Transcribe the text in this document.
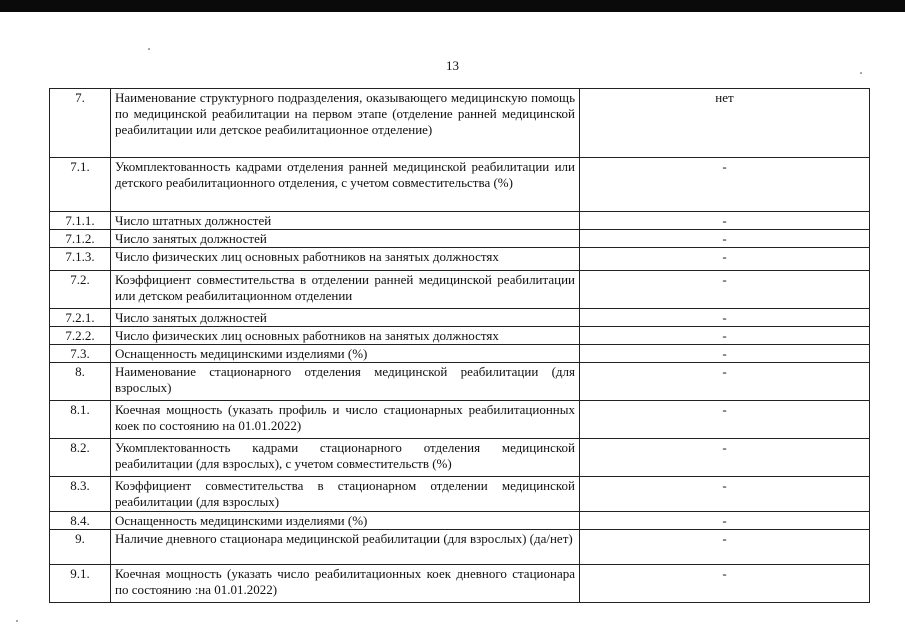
13
7.	Наименование структурного подразделения, оказывающего медицинскую помощь по медицинской реабилитации на первом этапе (отделение ранней медицинской реабилитации или детское реабилитационное отделение)	нет
7.1.	Укомплектованность кадрами отделения ранней медицинской реабилитации или детского реабилитационного отделения, с учетом совместительства (%)	-
7.1.1.	Число штатных должностей	-
7.1.2.	Число занятых должностей	-
7.1.3.	Число физических лиц основных работников на занятых должностях	-
7.2.	Коэффициент совместительства в отделении ранней медицинской реабилитации или детском реабилитационном отделении	-
7.2.1.	Число занятых должностей	-
7.2.2.	Число физических лиц основных работников на занятых должностях	-
7.3.	Оснащенность медицинскими изделиями (%)	-
8.	Наименование стационарного отделения медицинской реабилитации (для взрослых)	-
8.1.	Коечная мощность (указать профиль и число стационарных реабилитационных коек по состоянию на 01.01.2022)	-
8.2.	Укомплектованность кадрами стационарного отделения медицинской реабилитации (для взрослых), с учетом совместительств (%)	-
8.3.	Коэффициент совместительства в стационарном отделении медицинской реабилитации (для взрослых)	-
8.4.	Оснащенность медицинскими изделиями (%)	-
9.	Наличие дневного стационара медицинской реабилитации (для взрослых) (да/нет)	-
9.1.	Коечная мощность (указать число реабилитационных коек дневного стационара по состоянию :на 01.01.2022)	-
